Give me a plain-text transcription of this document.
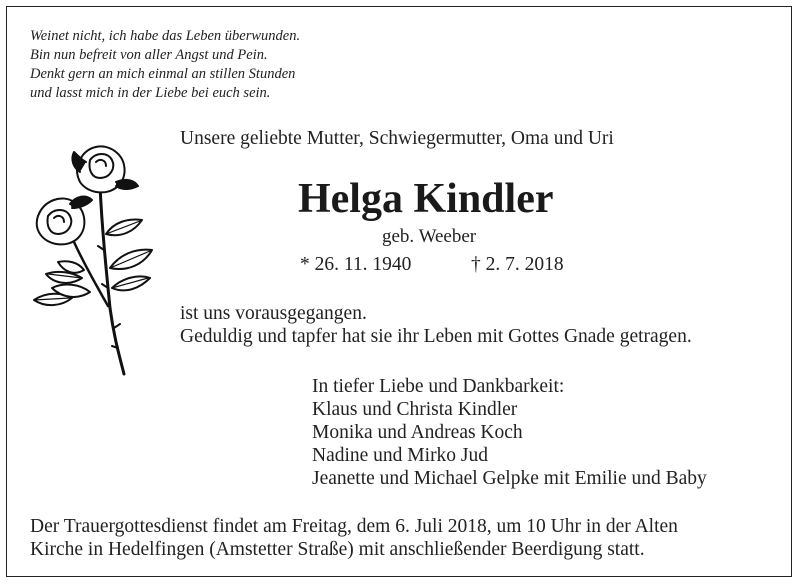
Weinet nicht, ich habe das Leben überwunden.
Bin nun befreit von aller Angst und Pein.
Denkt gern an mich einmal an stillen Stunden
und lasst mich in der Liebe bei euch sein.
Unsere geliebte Mutter, Schwiegermutter, Oma und Uri
Helga Kindler
geb. Weeber
* 26. 11. 1940	† 2. 7. 2018
ist uns vorausgegangen.
Geduldig und tapfer hat sie ihr Leben mit Gottes Gnade getragen.
In tiefer Liebe und Dankbarkeit:
Klaus und Christa Kindler
Monika und Andreas Koch
Nadine und Mirko Jud
Jeanette und Michael Gelpke mit Emilie und Baby
Der Trauergottesdienst findet am Freitag, dem 6. Juli 2018, um 10 Uhr in der Alten
Kirche in Hedelfingen (Amstetter Straße) mit anschließender Beerdigung statt.
